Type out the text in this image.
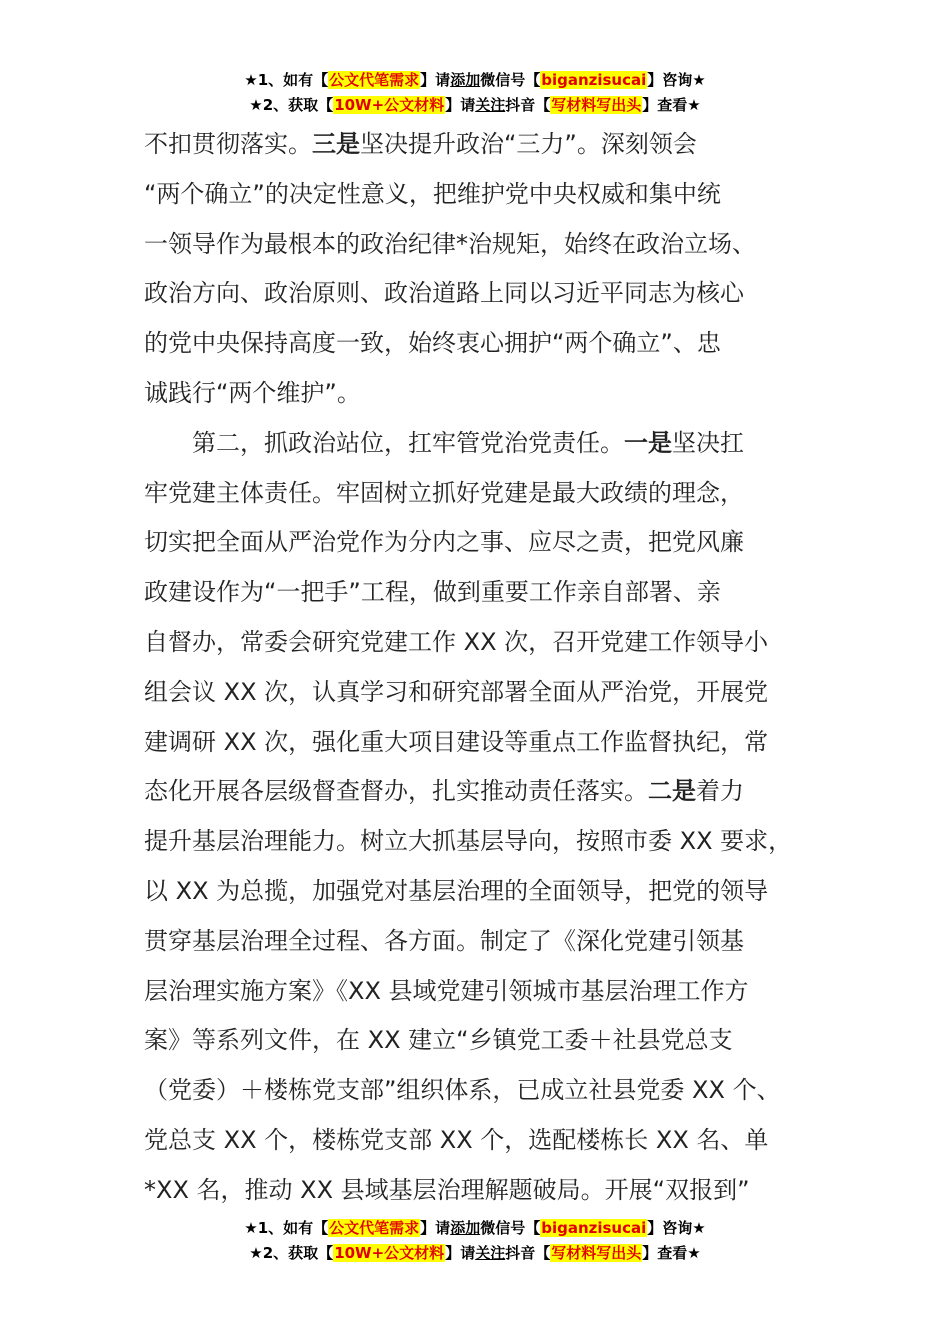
★1、如有【公文代笔需求】请添加微信号【biganzisucai】咨询★
★2、获取【10W+公文材料】请关注抖音【写材料写出头】查看★
不扣贯彻落实。三是坚决提升政治“三力”。深刻领会
“两个确立”的决定性意义，把维护党中央权威和集中统
一领导作为最根本的政治纪律*治规矩，始终在政治立场、
政治方向、政治原则、政治道路上同以习近平同志为核心
的党中央保持高度一致，始终衷心拥护“两个确立”、忠
诚践行“两个维护”。
第二，抓政治站位，扛牢管党治党责任。一是坚决扛
牢党建主体责任。牢固树立抓好党建是最大政绩的理念，
切实把全面从严治党作为分内之事、应尽之责，把党风廉
政建设作为“一把手”工程，做到重要工作亲自部署、亲
自督办，常委会研究党建工作 XX 次，召开党建工作领导小
组会议 XX 次，认真学习和研究部署全面从严治党，开展党
建调研 XX 次，强化重大项目建设等重点工作监督执纪，常
态化开展各层级督查督办，扎实推动责任落实。二是着力
提升基层治理能力。树立大抓基层导向，按照市委 XX 要求，
以 XX 为总揽，加强党对基层治理的全面领导，把党的领导
贯穿基层治理全过程、各方面。制定了《深化党建引领基
层治理实施方案》《XX 县域党建引领城市基层治理工作方
案》等系列文件，在 XX 建立“乡镇党工委＋社县党总支
（党委）＋楼栋党支部”组织体系，已成立社县党委 XX 个、
党总支 XX 个，楼栋党支部 XX 个，选配楼栋长 XX 名、单
*XX 名，推动 XX 县域基层治理解题破局。开展“双报到”
★1、如有【公文代笔需求】请添加微信号【biganzisucai】咨询★
★2、获取【10W+公文材料】请关注抖音【写材料写出头】查看★
